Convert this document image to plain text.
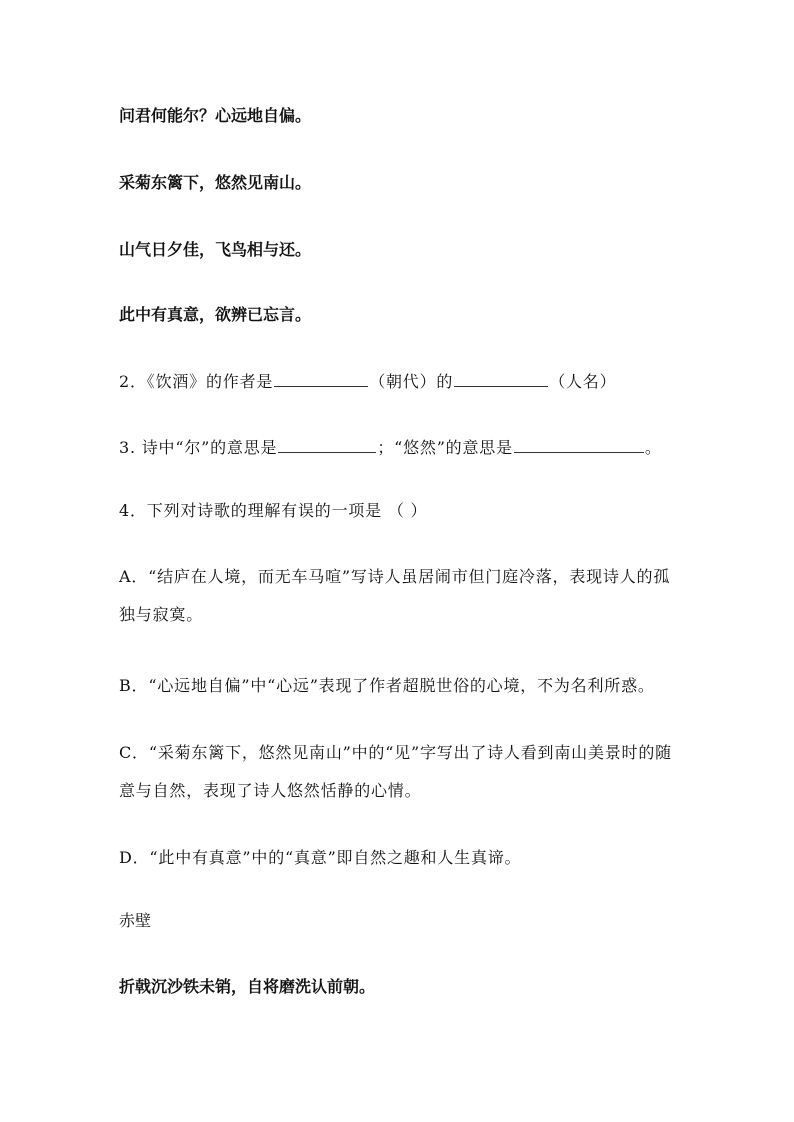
问君何能尔？心远地自偏。
采菊东篱下，悠然见南山。
山气日夕佳，飞鸟相与还。
此中有真意，欲辨已忘言。
2．《饮酒》的作者是	（朝代）的	（人名）
3. 诗中“尔”的意思是	；“悠然”的意思是	。
4．下列对诗歌的理解有误的一项是 （ ）
A．“结庐在人境，而无车马喧”写诗人虽居闹市但门庭冷落，表现诗人的孤独与寂寞。
B．“心远地自偏”中“心远”表现了作者超脱世俗的心境，不为名利所惑。
C．“采菊东篱下，悠然见南山”中的“见”字写出了诗人看到南山美景时的随意与自然，表现了诗人悠然恬静的心情。
D．“此中有真意”中的“真意”即自然之趣和人生真谛。
赤壁
折戟沉沙铁未销，自将磨洗认前朝。
